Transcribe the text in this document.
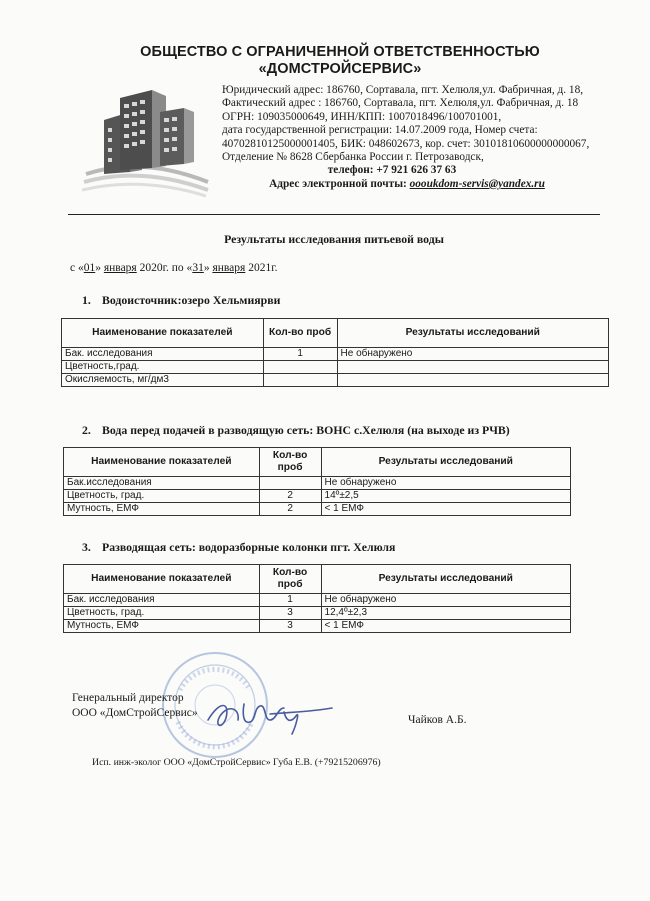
ОБЩЕСТВО С ОГРАНИЧЕННОЙ ОТВЕТСТВЕННОСТЬЮ
«ДОМСТРОЙСЕРВИС»
Юридический адрес: 186760, Сортавала, пгт. Хелюля,ул. Фабричная, д. 18,
Фактический адрес : 186760, Сортавала, пгт. Хелюля,ул. Фабричная, д. 18
ОГРН: 109035000649, ИНН/КПП: 1007018496/100701001,
дата государственной регистрации: 14.07.2009 года, Номер счета:
40702810125000001405, БИК: 048602673, кор. счет: 30101810600000000067,
Отделение № 8628 Сбербанка России г. Петрозаводск,
телефон: +7 921 626 37 63
Адрес электронной почты: oooukdom-servis@yandex.ru
Результаты исследования питьевой воды
с «01» января 2020г. по «31» января 2021г.
1. Водоисточник:озеро Хельмиярви
Наименование показателей	Кол-во проб	Результаты исследований
Бак. исследования	1	Не обнаружено
Цветность,град.		
Окисляемость, мг/дм3		
2. Вода перед подачей в разводящую сеть: ВОНС с.Хелюля (на выходе из РЧВ)
Наименование показателей	Кол-во проб	Результаты исследований
Бак.исследования		Не обнаружено
Цветность, град.	2	14º±2,5
Мутность, ЕМФ	2	< 1 ЕМФ
3. Разводящая сеть: водоразборные колонки пгт. Хелюля
Наименование показателей	Кол-во проб	Результаты исследований
Бак. исследования	1	Не обнаружено
Цветность, град.	3	12,4º±2,3
Мутность, ЕМФ	3	< 1 ЕМФ
Генеральный директор
ООО «ДомСтройСервис»
Чайков А.Б.
Исп. инж-эколог ООО «ДомСтройСервис» Губа Е.В. (+79215206976)
